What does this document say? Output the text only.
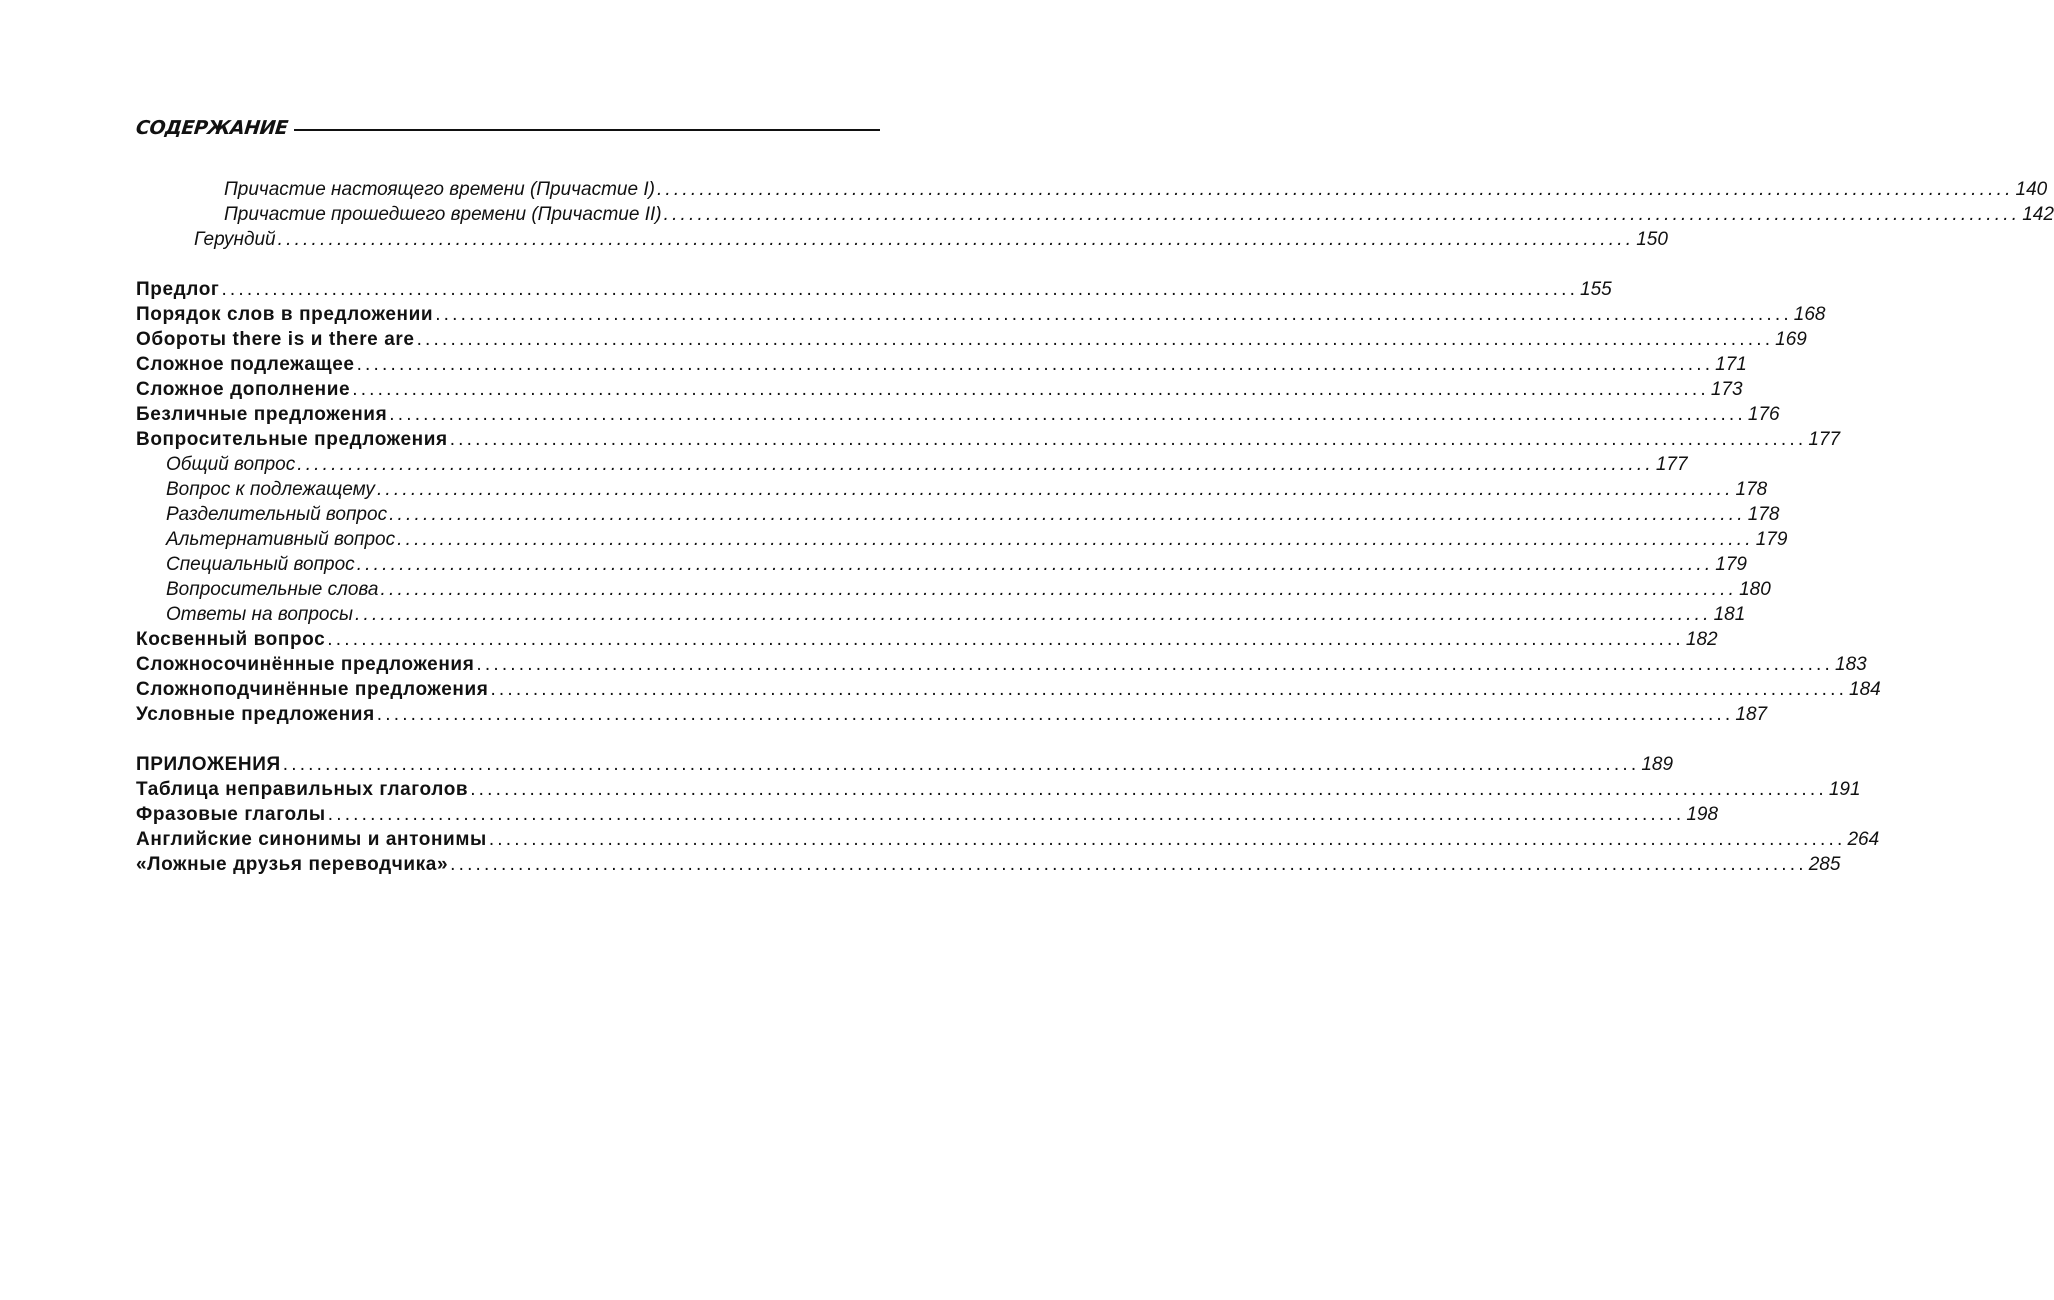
СОДЕРЖАНИЕ
Причастие настоящего времени (Причастие I) ................................................................................................................................................................ 140
Причастие прошедшего времени (Причастие II) ................................................................................................................................................................ 142
Герундий ................................................................................................................................................................ 150
Предлог ................................................................................................................................................................ 155
Порядок слов в предложении ................................................................................................................................................................ 168
Обороты there is и there are ................................................................................................................................................................ 169
Сложное подлежащее ................................................................................................................................................................ 171
Сложное дополнение ................................................................................................................................................................ 173
Безличные предложения ................................................................................................................................................................ 176
Вопросительные предложения ................................................................................................................................................................ 177
Общий вопрос ................................................................................................................................................................ 177
Вопрос к подлежащему ................................................................................................................................................................ 178
Разделительный вопрос ................................................................................................................................................................ 178
Альтернативный вопрос ................................................................................................................................................................ 179
Специальный вопрос ................................................................................................................................................................ 179
Вопросительные слова ................................................................................................................................................................ 180
Ответы на вопросы ................................................................................................................................................................ 181
Косвенный вопрос ................................................................................................................................................................ 182
Сложносочинённые предложения ................................................................................................................................................................ 183
Сложноподчинённые предложения ................................................................................................................................................................ 184
Условные предложения ................................................................................................................................................................ 187
ПРИЛОЖЕНИЯ ................................................................................................................................................................ 189
Таблица неправильных глаголов ................................................................................................................................................................ 191
Фразовые глаголы ................................................................................................................................................................ 198
Английские синонимы и антонимы ................................................................................................................................................................ 264
«Ложные друзья переводчика» ................................................................................................................................................................ 285
